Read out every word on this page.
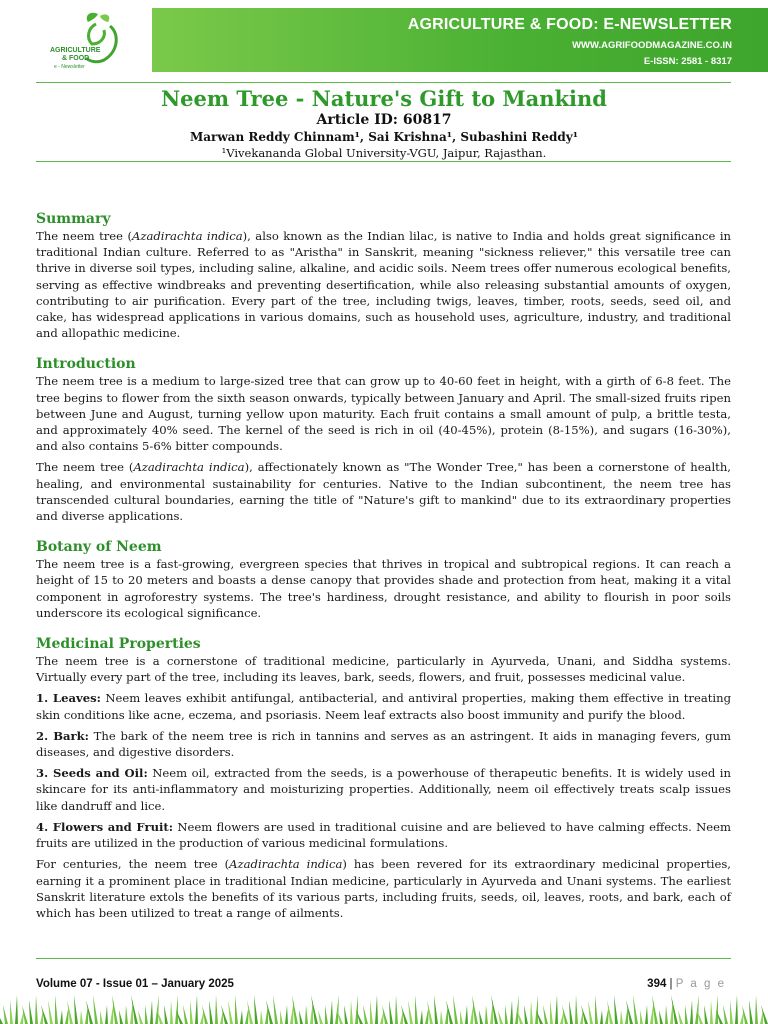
AGRICULTURE
& FOOD
e - Newsletter
AGRICULTURE & FOOD: E-NEWSLETTER
WWW.AGRIFOODMAGAZINE.CO.IN
E-ISSN: 2581 - 8317
Neem Tree - Nature's Gift to Mankind
Article ID: 60817
Marwan Reddy Chinnam¹, Sai Krishna¹, Subashini Reddy¹
¹Vivekananda Global University-VGU, Jaipur, Rajasthan.
Summary

The neem tree (Azadirachta indica), also known as the Indian lilac, is native to India and holds great significance in traditional Indian culture. Referred to as "Aristha" in Sanskrit, meaning "sickness reliever," this versatile tree can thrive in diverse soil types, including saline, alkaline, and acidic soils. Neem trees offer numerous ecological benefits, serving as effective windbreaks and preventing desertification, while also releasing substantial amounts of oxygen, contributing to air purification. Every part of the tree, including twigs, leaves, timber, roots, seeds, seed oil, and cake, has widespread applications in various domains, such as household uses, agriculture, industry, and traditional and allopathic medicine.

Introduction

The neem tree is a medium to large-sized tree that can grow up to 40-60 feet in height, with a girth of 6-8 feet. The tree begins to flower from the sixth season onwards, typically between January and April. The small-sized fruits ripen between June and August, turning yellow upon maturity. Each fruit contains a small amount of pulp, a brittle testa, and approximately 40% seed. The kernel of the seed is rich in oil (40-45%), protein (8-15%), and sugars (16-30%), and also contains 5-6% bitter compounds.

The neem tree (Azadirachta indica), affectionately known as "The Wonder Tree," has been a cornerstone of health, healing, and environmental sustainability for centuries. Native to the Indian subcontinent, the neem tree has transcended cultural boundaries, earning the title of "Nature's gift to mankind" due to its extraordinary properties and diverse applications.

Botany of Neem

The neem tree is a fast-growing, evergreen species that thrives in tropical and subtropical regions. It can reach a height of 15 to 20 meters and boasts a dense canopy that provides shade and protection from heat, making it a vital component in agroforestry systems. The tree's hardiness, drought resistance, and ability to flourish in poor soils underscore its ecological significance.

Medicinal Properties

The neem tree is a cornerstone of traditional medicine, particularly in Ayurveda, Unani, and Siddha systems. Virtually every part of the tree, including its leaves, bark, seeds, flowers, and fruit, possesses medicinal value.

1. Leaves: Neem leaves exhibit antifungal, antibacterial, and antiviral properties, making them effective in treating skin conditions like acne, eczema, and psoriasis. Neem leaf extracts also boost immunity and purify the blood.

2. Bark: The bark of the neem tree is rich in tannins and serves as an astringent. It aids in managing fevers, gum diseases, and digestive disorders.

3. Seeds and Oil: Neem oil, extracted from the seeds, is a powerhouse of therapeutic benefits. It is widely used in skincare for its anti-inflammatory and moisturizing properties. Additionally, neem oil effectively treats scalp issues like dandruff and lice.

4. Flowers and Fruit: Neem flowers are used in traditional cuisine and are believed to have calming effects. Neem fruits are utilized in the production of various medicinal formulations.

For centuries, the neem tree (Azadirachta indica) has been revered for its extraordinary medicinal properties, earning it a prominent place in traditional Indian medicine, particularly in Ayurveda and Unani systems. The earliest Sanskrit literature extols the benefits of its various parts, including fruits, seeds, oil, leaves, roots, and bark, each of which has been utilized to treat a range of ailments.

Volume 07 - Issue 01 – January 2025	394 | P a g e
